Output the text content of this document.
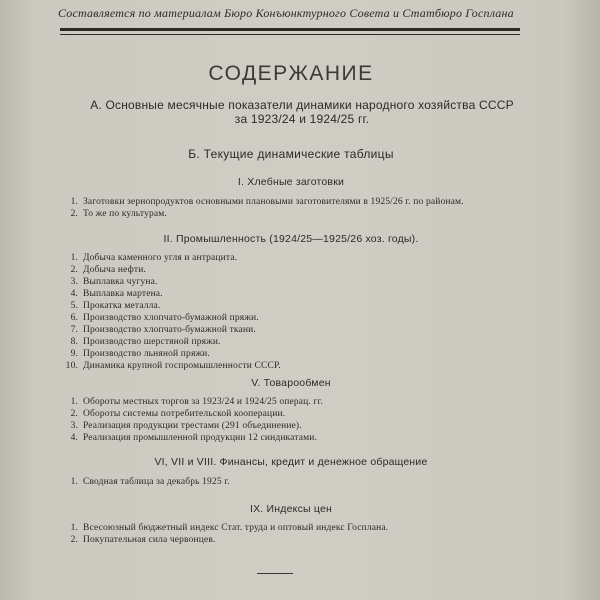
Составляется по материалам Бюро Конъюнктурного Совета и Статбюро Госплана
СОДЕРЖАНИЕ
А. Основные месячные показатели динамики народного хозяйства СССР
за 1923/24 и 1924/25 гг.
Б. Текущие динамические таблицы
I. Хлебные заготовки
1. Заготовки зернопродуктов основными плановыми заготовителями в 1925/26 г. по районам.
2. То же по культурам.
II. Промышленность (1924/25—1925/26 хоз. годы).
1. Добыча каменного угля и антрацита.
2. Добыча нефти.
3. Выплавка чугуна.
4. Выплавка мартена.
5. Прокатка металла.
6. Производство хлопчато-бумажной пряжи.
7. Производство хлопчато-бумажной ткани.
8. Производство шерстяной пряжи.
9. Производство льняной пряжи.
10. Динамика крупной госпромышленности СССР.
V. Товарообмен
1. Обороты местных торгов за 1923/24 и 1924/25 операц. гг.
2. Обороты системы потребительской кооперации.
3. Реализация продукции трестами (291 объединение).
4. Реализация промышленной продукции 12 синдикатами.
VI, VII и VIII. Финансы, кредит и денежное обращение
1. Сводная таблица за декабрь 1925 г.
IX. Индексы цен
1. Всесоюзный бюджетный индекс Стат. труда и оптовый индекс Госплана.
2. Покупательная сила червонцев.
